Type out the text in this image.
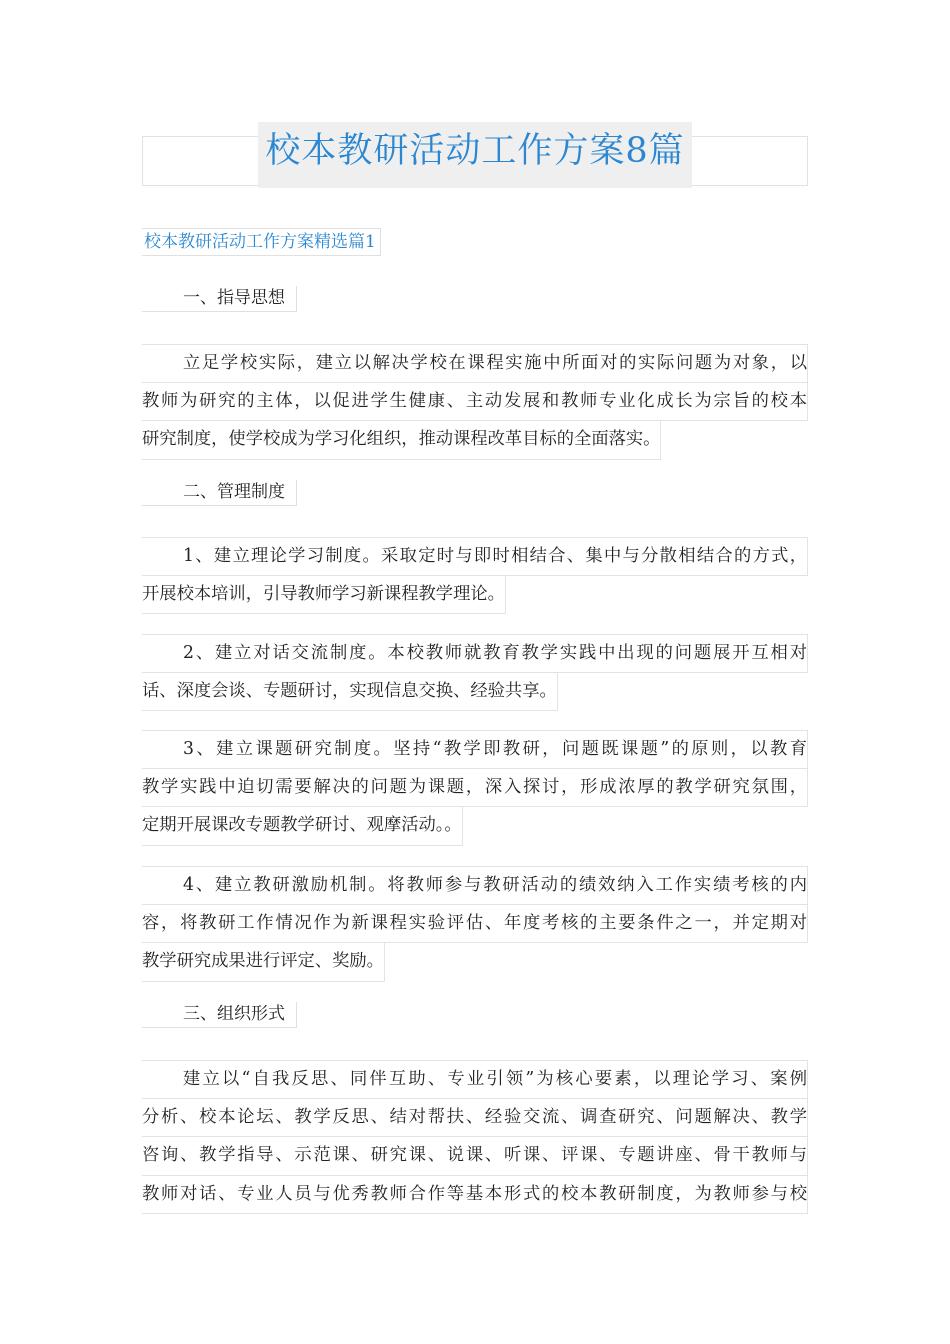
校本教研活动工作方案8篇
校本教研活动工作方案精选篇1
一、指导思想
立足学校实际，建立以解决学校在课程实施中所面对的实际问题为对象，以
教师为研究的主体，以促进学生健康、主动发展和教师专业化成长为宗旨的校本
研究制度，使学校成为学习化组织，推动课程改革目标的全面落实。
二、管理制度
1、建立理论学习制度。采取定时与即时相结合、集中与分散相结合的方式，
开展校本培训，引导教师学习新课程教学理论。
2、建立对话交流制度。本校教师就教育教学实践中出现的问题展开互相对
话、深度会谈、专题研讨，实现信息交换、经验共享。
3、建立课题研究制度。坚持“教学即教研，问题既课题”的原则，以教育
教学实践中迫切需要解决的问题为课题，深入探讨，形成浓厚的教学研究氛围，
定期开展课改专题教学研讨、观摩活动。。
4、建立教研激励机制。将教师参与教研活动的绩效纳入工作实绩考核的内
容，将教研工作情况作为新课程实验评估、年度考核的主要条件之一，并定期对
教学研究成果进行评定、奖励。
三、组织形式
建立以“自我反思、同伴互助、专业引领”为核心要素，以理论学习、案例
分析、校本论坛、教学反思、结对帮扶、经验交流、调查研究、问题解决、教学
咨询、教学指导、示范课、研究课、说课、听课、评课、专题讲座、骨干教师与
教师对话、专业人员与优秀教师合作等基本形式的校本教研制度，为教师参与校
